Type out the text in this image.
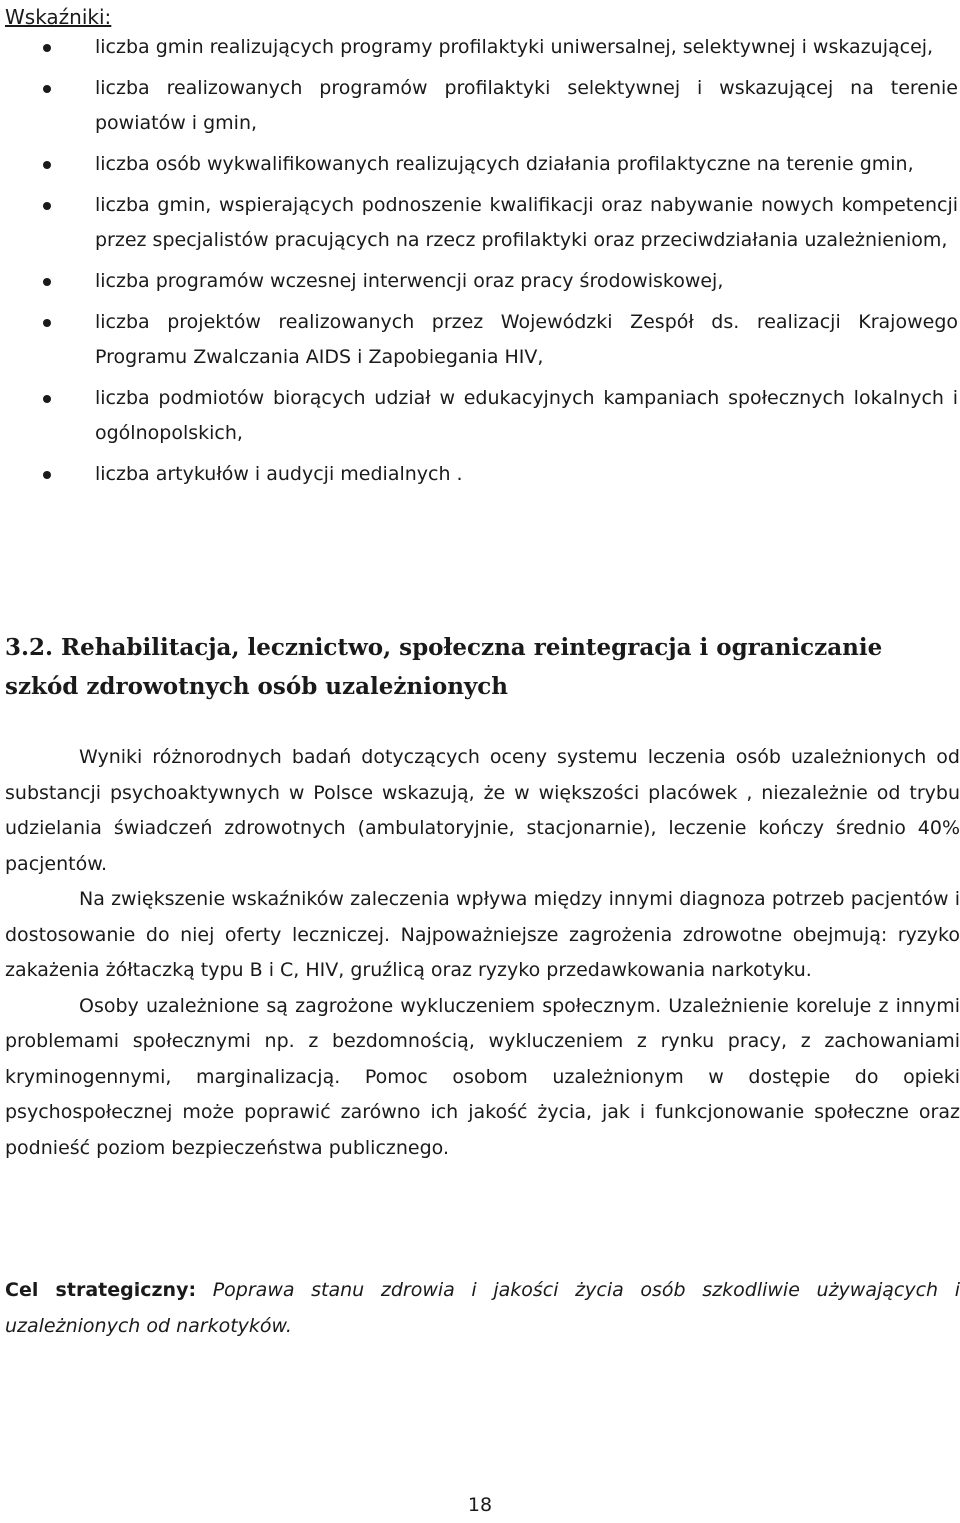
Wskaźniki:
liczba gmin realizujących programy profilaktyki uniwersalnej, selektywnej i wskazującej,
liczba realizowanych programów profilaktyki selektywnej i wskazującej na terenie powiatów i gmin,
liczba osób wykwalifikowanych realizujących działania profilaktyczne na terenie gmin,
liczba gmin, wspierających podnoszenie kwalifikacji oraz nabywanie nowych kompetencji przez specjalistów pracujących na rzecz profilaktyki oraz przeciwdziałania uzależnieniom,
liczba programów wczesnej interwencji oraz pracy środowiskowej,
liczba projektów realizowanych przez Wojewódzki Zespół ds. realizacji Krajowego Programu Zwalczania AIDS i Zapobiegania HIV,
liczba podmiotów biorących udział w edukacyjnych kampaniach społecznych lokalnych i ogólnopolskich,
liczba artykułów i audycji medialnych .
3.2. Rehabilitacja, lecznictwo, społeczna reintegracja i ograniczanie szkód zdrowotnych osób uzależnionych

Wyniki różnorodnych badań dotyczących oceny systemu leczenia osób uzależnionych od substancji psychoaktywnych w Polsce wskazują, że w większości placówek , niezależnie od trybu udzielania świadczeń zdrowotnych (ambulatoryjnie, stacjonarnie), leczenie kończy średnio 40% pacjentów.

Na zwiększenie wskaźników zaleczenia wpływa między innymi diagnoza potrzeb pacjentów i dostosowanie do niej oferty leczniczej. Najpoważniejsze zagrożenia zdrowotne obejmują: ryzyko zakażenia żółtaczką typu B i C, HIV, gruźlicą oraz ryzyko przedawkowania narkotyku.

Osoby uzależnione są zagrożone wykluczeniem społecznym. Uzależnienie koreluje z innymi problemami społecznymi np. z bezdomnością, wykluczeniem z rynku pracy, z zachowaniami kryminogennymi, marginalizacją. Pomoc osobom uzależnionym w dostępie do opieki psychospołecznej może poprawić zarówno ich jakość życia, jak i funkcjonowanie społeczne oraz podnieść poziom bezpieczeństwa publicznego.

Cel strategiczny: Poprawa stanu zdrowia i jakości życia osób szkodliwie używających i uzależnionych od narkotyków.
18
